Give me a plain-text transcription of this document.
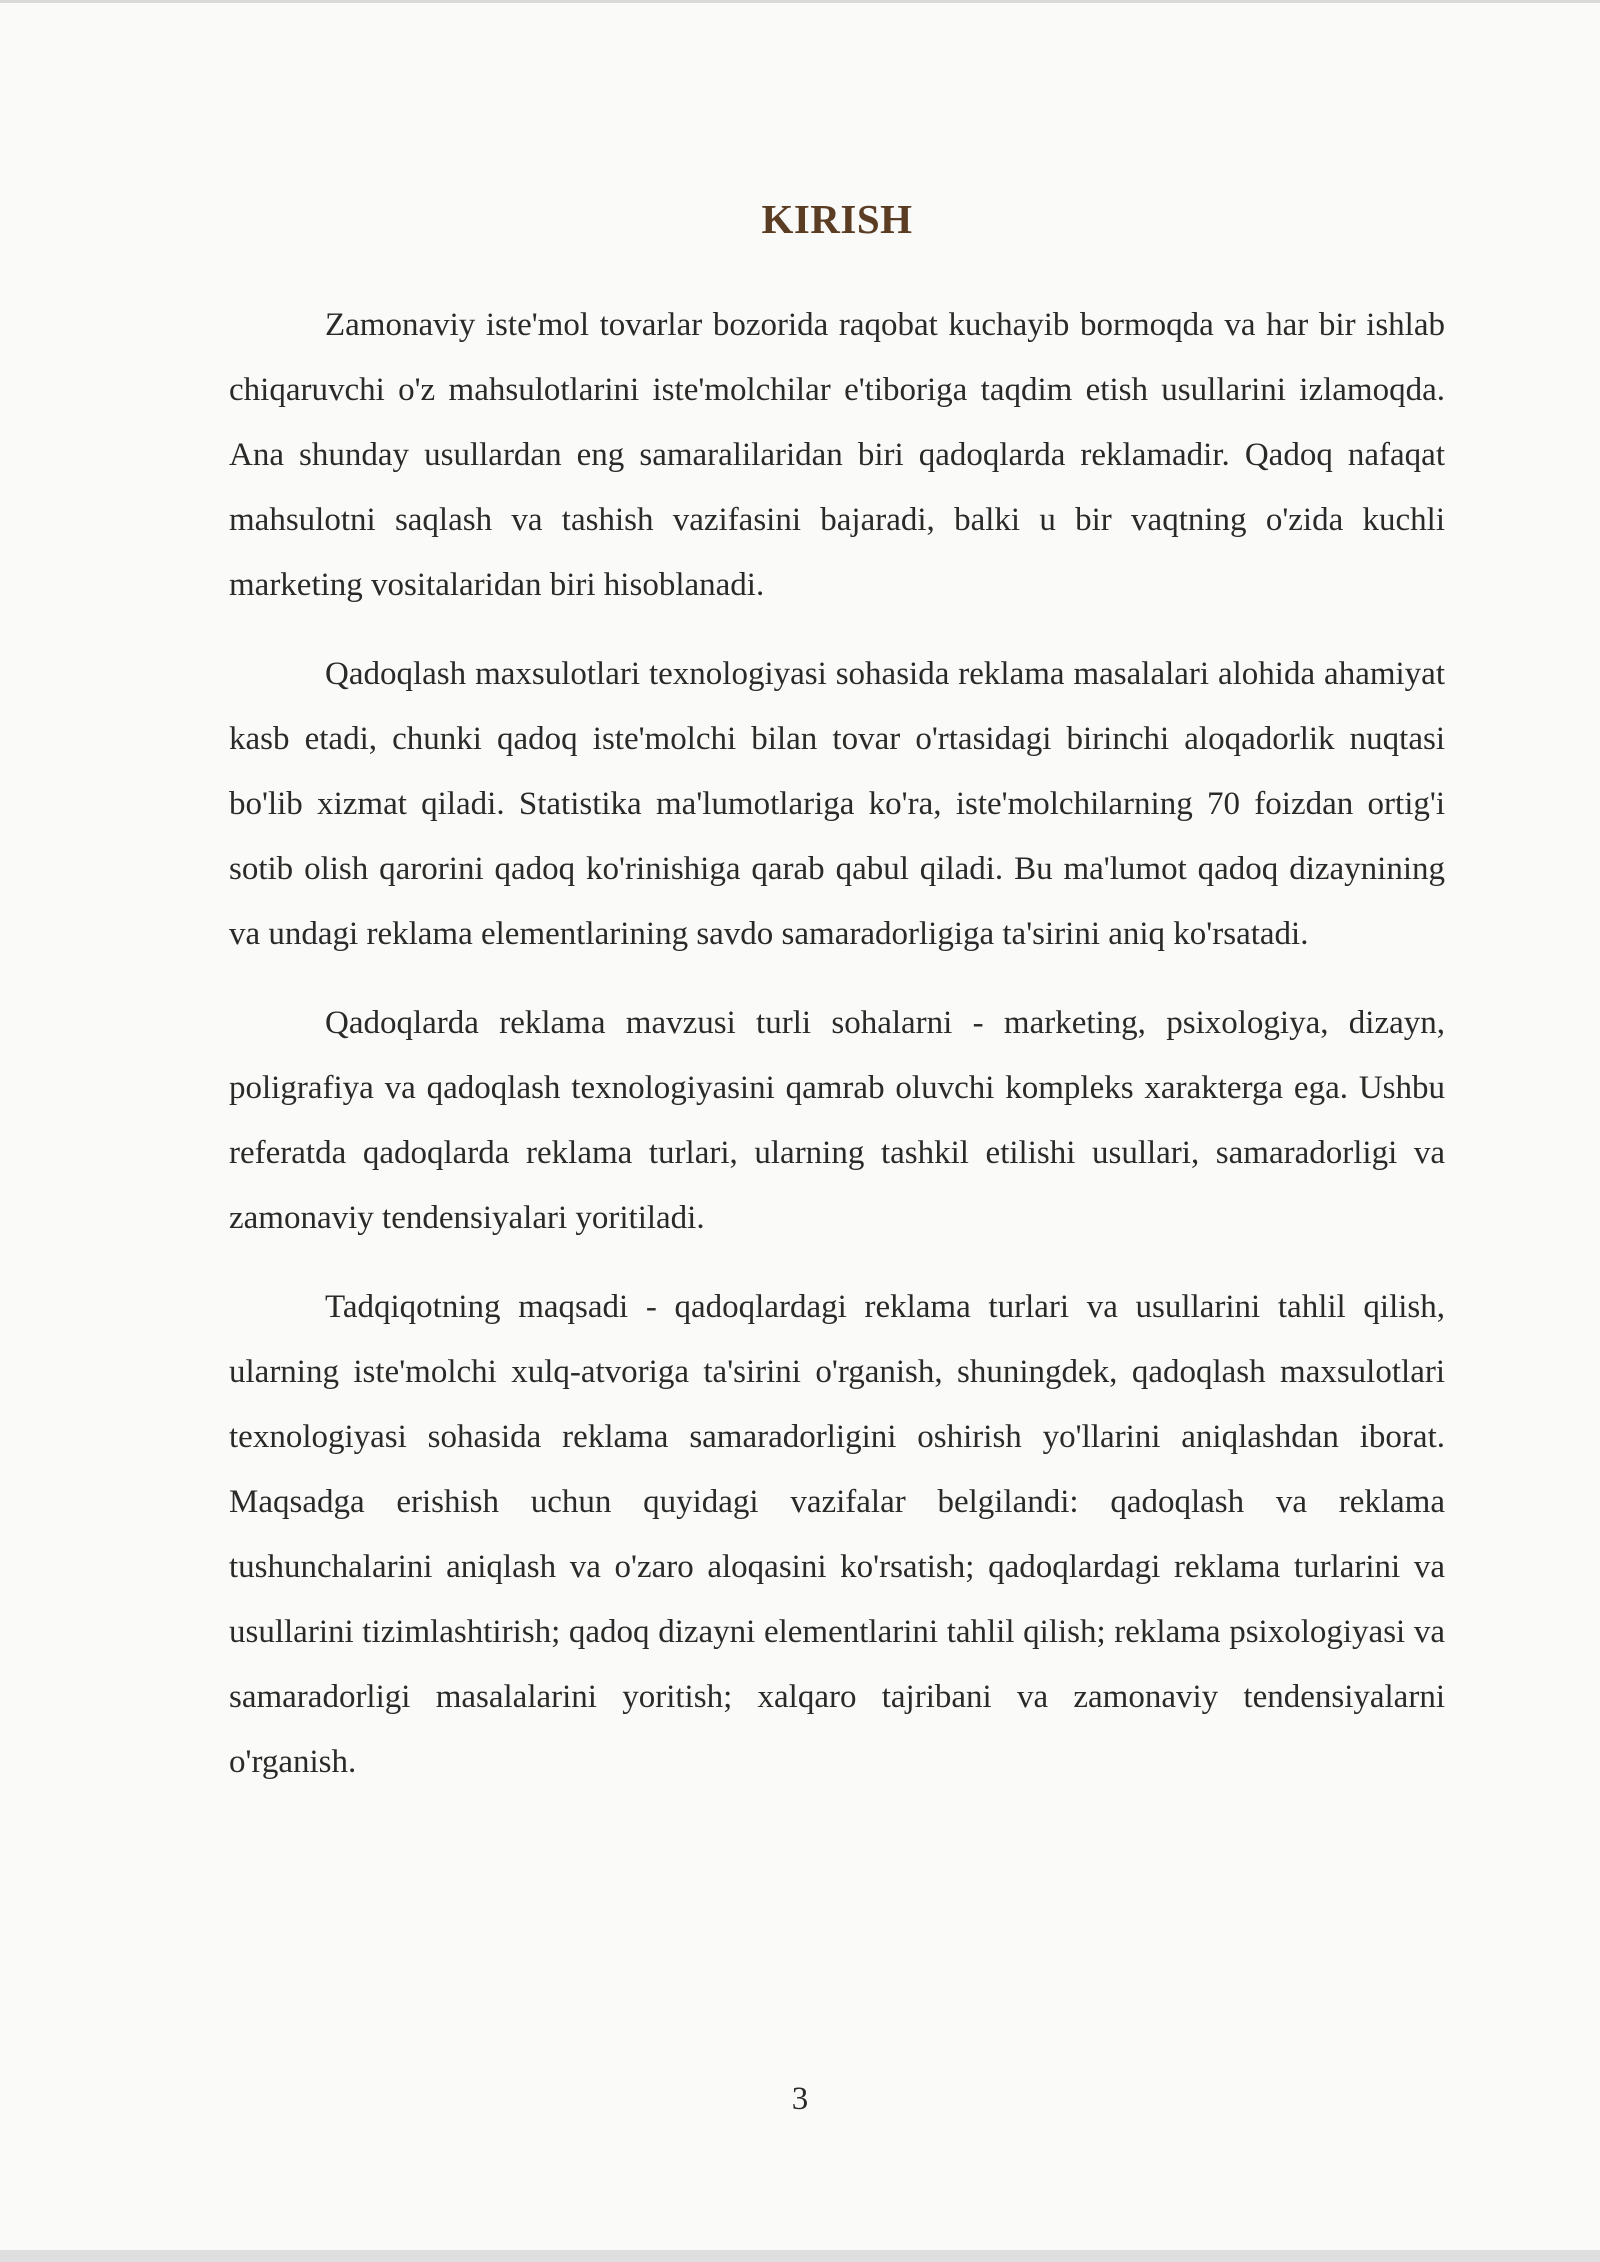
KIRISH

Zamonaviy iste'mol tovarlar bozorida raqobat kuchayib bormoqda va har bir ishlab chiqaruvchi o'z mahsulotlarini iste'molchilar e'tiboriga taqdim etish usullarini izlamoqda. Ana shunday usullardan eng samaralilaridan biri qadoqlarda reklamadir. Qadoq nafaqat mahsulotni saqlash va tashish vazifasini bajaradi, balki u bir vaqtning o'zida kuchli marketing vositalaridan biri hisoblanadi.

Qadoqlash maxsulotlari texnologiyasi sohasida reklama masalalari alohida ahamiyat kasb etadi, chunki qadoq iste'molchi bilan tovar o'rtasidagi birinchi aloqadorlik nuqtasi bo'lib xizmat qiladi. Statistika ma'lumotlariga ko'ra, iste'molchilarning 70 foizdan ortig'i sotib olish qarorini qadoq ko'rinishiga qarab qabul qiladi. Bu ma'lumot qadoq dizaynining va undagi reklama elementlarining savdo samaradorligiga ta'sirini aniq ko'rsatadi.

Qadoqlarda reklama mavzusi turli sohalarni - marketing, psixologiya, dizayn, poligrafiya va qadoqlash texnologiyasini qamrab oluvchi kompleks xarakterga ega. Ushbu referatda qadoqlarda reklama turlari, ularning tashkil etilishi usullari, samaradorligi va zamonaviy tendensiyalari yoritiladi.

Tadqiqotning maqsadi - qadoqlardagi reklama turlari va usullarini tahlil qilish, ularning iste'molchi xulq-atvoriga ta'sirini o'rganish, shuningdek, qadoqlash maxsulotlari texnologiyasi sohasida reklama samaradorligini oshirish yo'llarini aniqlashdan iborat. Maqsadga erishish uchun quyidagi vazifalar belgilandi: qadoqlash va reklama tushunchalarini aniqlash va o'zaro aloqasini ko'rsatish; qadoqlardagi reklama turlarini va usullarini tizimlashtirish; qadoq dizayni elementlarini tahlil qilish; reklama psixologiyasi va samaradorligi masalalarini yoritish; xalqaro tajribani va zamonaviy tendensiyalarni o'rganish.

3
